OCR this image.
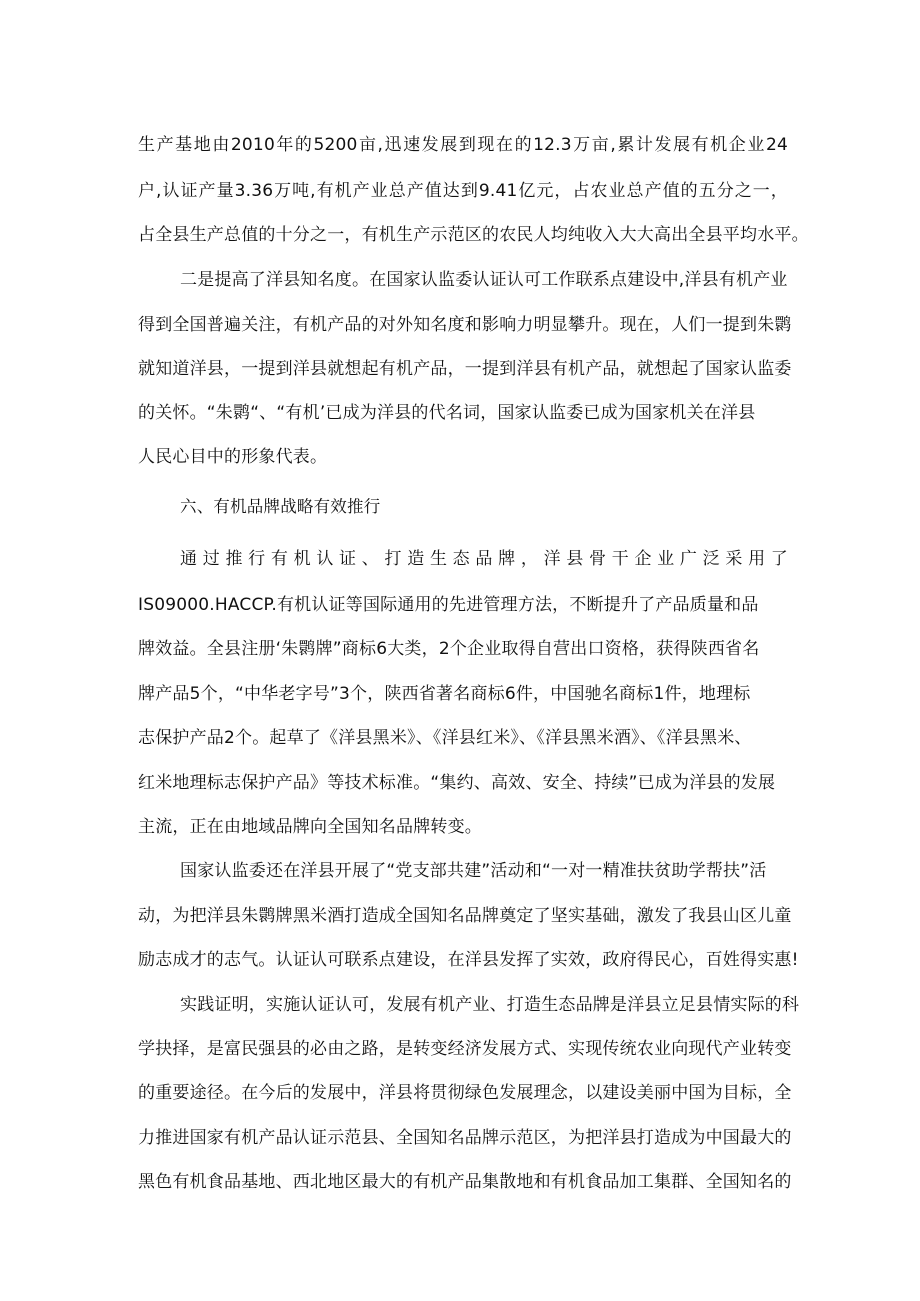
生产基地由2010年的5200亩,迅速发展到现在的12.3万亩,累计发展有机企业24
户,认证产量3.36万吨,有机产业总产值达到9.41亿元，占农业总产值的五分之一，
占全县生产总值的十分之一，有机生产示范区的农民人均纯收入大大高出全县平均水平。
二是提高了洋县知名度。在国家认监委认证认可工作联系点建设中,洋县有机产业
得到全国普遍关注，有机产品的对外知名度和影响力明显攀升。现在，人们一提到朱鹮
就知道洋县，一提到洋县就想起有机产品，一提到洋县有机产品，就想起了国家认监委
的关怀。“朱鹮“、“有机’已成为洋县的代名词，国家认监委已成为国家机关在洋县
人民心目中的形象代表。
六、有机品牌战略有效推行
通过推行有机认证、打造生态品牌，洋县骨干企业广泛采用了
IS09000.HACCP.有机认证等国际通用的先进管理方法，不断提升了产品质量和品
牌效益。全县注册‘朱鹮牌”商标6大类，2个企业取得自营出口资格，获得陕西省名
牌产品5个，“中华老字号”3个，陕西省著名商标6件，中国驰名商标1件，地理标
志保护产品2个。起草了《洋县黑米》、《洋县红米》、《洋县黑米酒》、《洋县黑米、
红米地理标志保护产品》等技术标准。“集约、高效、安全、持续”已成为洋县的发展
主流，正在由地域品牌向全国知名品牌转变。
国家认监委还在洋县开展了“党支部共建”活动和“一对一精准扶贫助学帮扶”活
动，为把洋县朱鹮牌黑米酒打造成全国知名品牌奠定了坚实基础，激发了我县山区儿童
励志成才的志气。认证认可联系点建设，在洋县发挥了实效，政府得民心，百姓得实惠!
实践证明，实施认证认可，发展有机产业、打造生态品牌是洋县立足县情实际的科
学抉择，是富民强县的必由之路，是转变经济发展方式、实现传统农业向现代产业转变
的重要途径。在今后的发展中，洋县将贯彻绿色发展理念，以建设美丽中国为目标，全
力推进国家有机产品认证示范县、全国知名品牌示范区，为把洋县打造成为中国最大的
黑色有机食品基地、西北地区最大的有机产品集散地和有机食品加工集群、全国知名的
